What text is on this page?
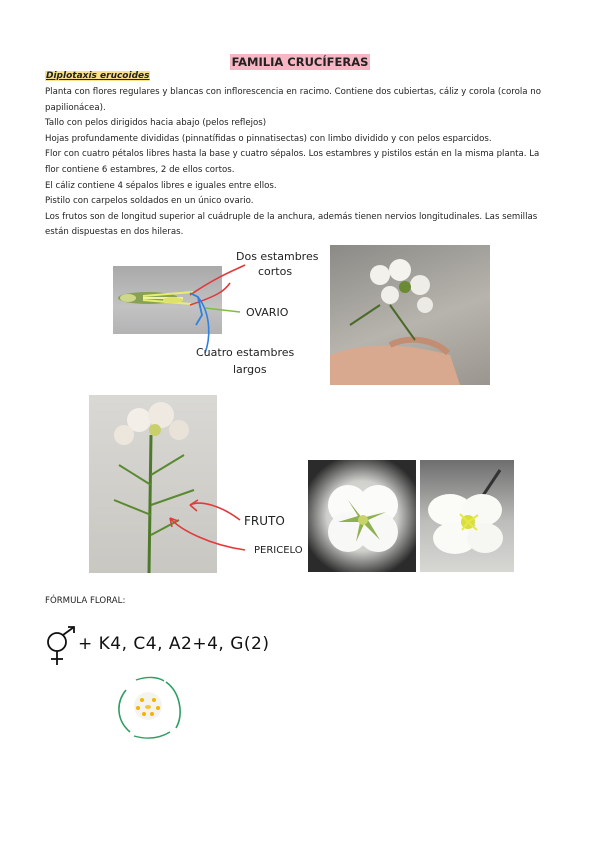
FAMILIA CRUCÍFERAS
Diplotaxis erucoides
Planta con flores regulares y blancas con inflorescencia en racimo. Contiene dos cubiertas, cáliz y corola (corola no
papilionácea).
Tallo con pelos dirigidos hacia abajo (pelos reflejos)
Hojas profundamente divididas (pinnatífidas o pinnatisectas) con limbo dividido y con pelos esparcidos.
Flor con cuatro pétalos libres hasta la base y cuatro sépalos. Los estambres y pistilos están en la misma planta. La
flor contiene 6 estambres, 2 de ellos cortos.
El cáliz contiene 4 sépalos libres e iguales entre ellos.
Pistilo con carpelos soldados en un único ovario.
Los frutos son de longitud superior al cuádruple de la anchura, además tienen nervios longitudinales. Las semillas
están dispuestas en dos hileras.
Dos estambres
cortos
OVARIO
Cuatro estambres
largos
FRUTO
PERICELO
FÓRMULA FLORAL:
+ K4, C4, A2+4, G(2)
